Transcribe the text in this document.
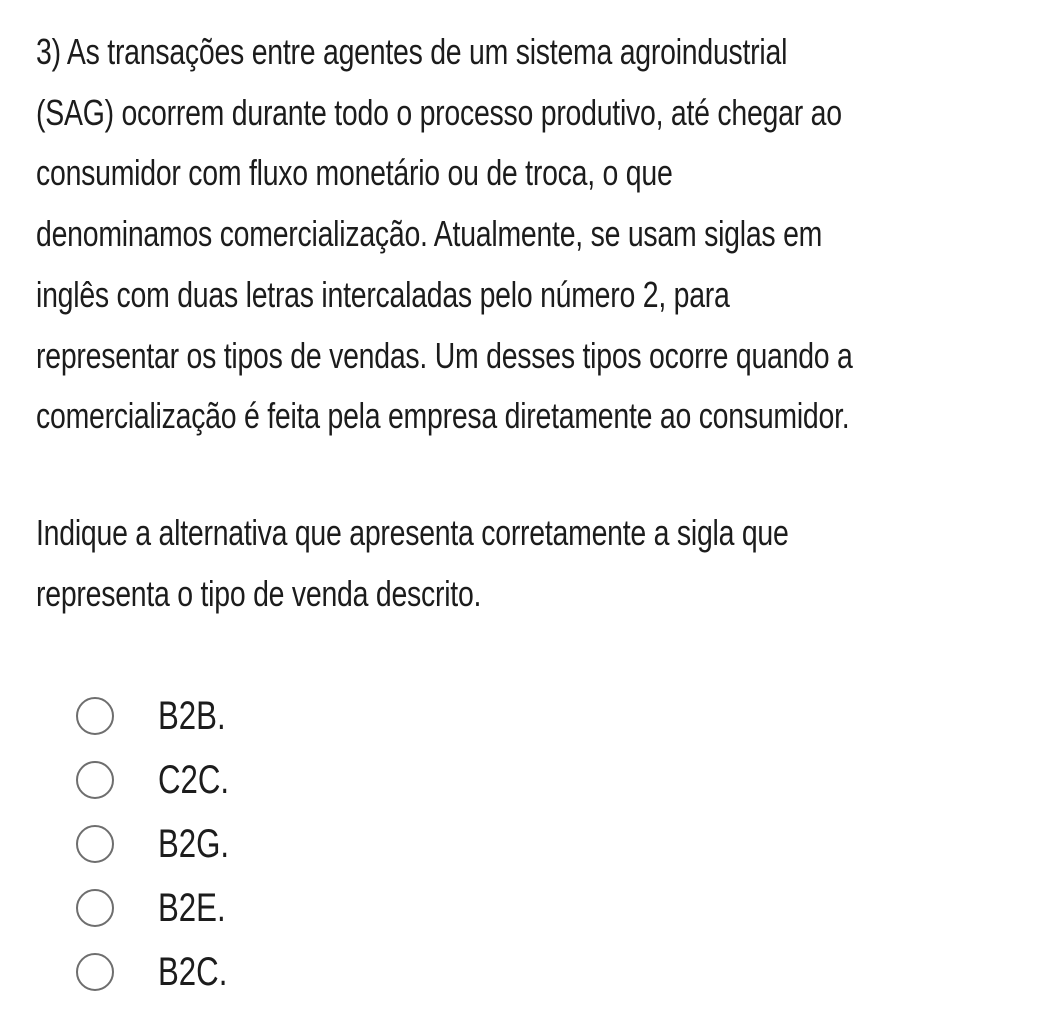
3) As transações entre agentes de um sistema agroindustrial
(SAG) ocorrem durante todo o processo produtivo, até chegar ao
consumidor com fluxo monetário ou de troca, o que
denominamos comercialização. Atualmente, se usam siglas em
inglês com duas letras intercaladas pelo número 2, para
representar os tipos de vendas. Um desses tipos ocorre quando a
comercialização é feita pela empresa diretamente ao consumidor.
Indique a alternativa que apresenta corretamente a sigla que
representa o tipo de venda descrito.
B2B.
C2C.
B2G.
B2E.
B2C.
